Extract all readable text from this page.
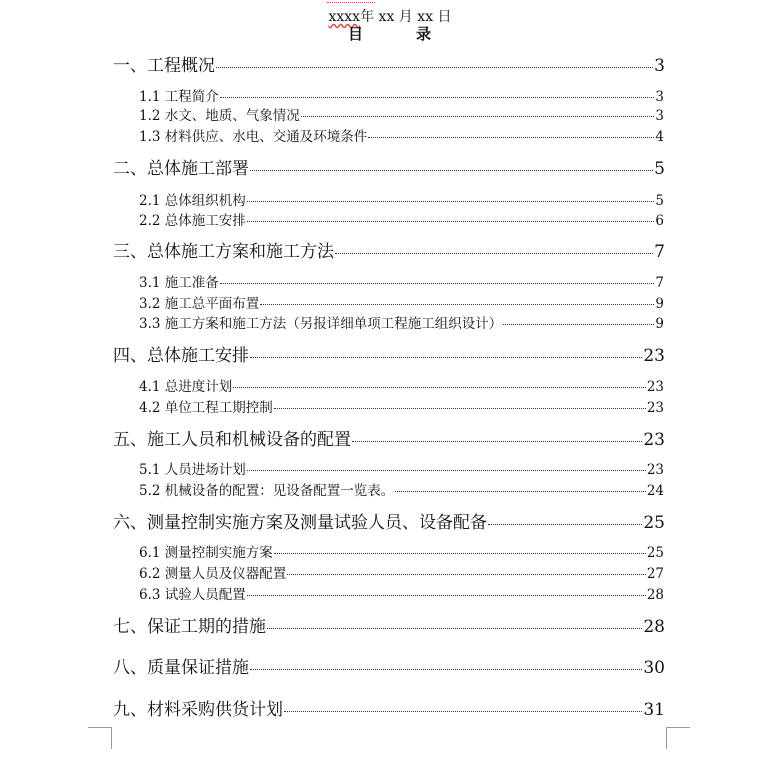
xxxx年 xx 月 xx 日
目	录
一、工程概况	3
1.1 工程简介	3
1.2 水文、地质、气象情况	3
1.3 材料供应、水电、交通及环境条件	4
二、总体施工部署	5
2.1 总体组织机构	5
2.2 总体施工安排	6
三、总体施工方案和施工方法	7
3.1 施工准备	7
3.2 施工总平面布置	9
3.3 施工方案和施工方法（另报详细单项工程施工组织设计）	9
四、总体施工安排	23
4.1 总进度计划	23
4.2 单位工程工期控制	23
五、施工人员和机械设备的配置	23
5.1 人员进场计划	23
5.2 机械设备的配置：见设备配置一览表。	24
六、测量控制实施方案及测量试验人员、设备配备	25
6.1 测量控制实施方案	25
6.2 测量人员及仪器配置	27
6.3 试验人员配置	28
七、保证工期的措施	28
八、质量保证措施	30
九、材料采购供货计划	31
